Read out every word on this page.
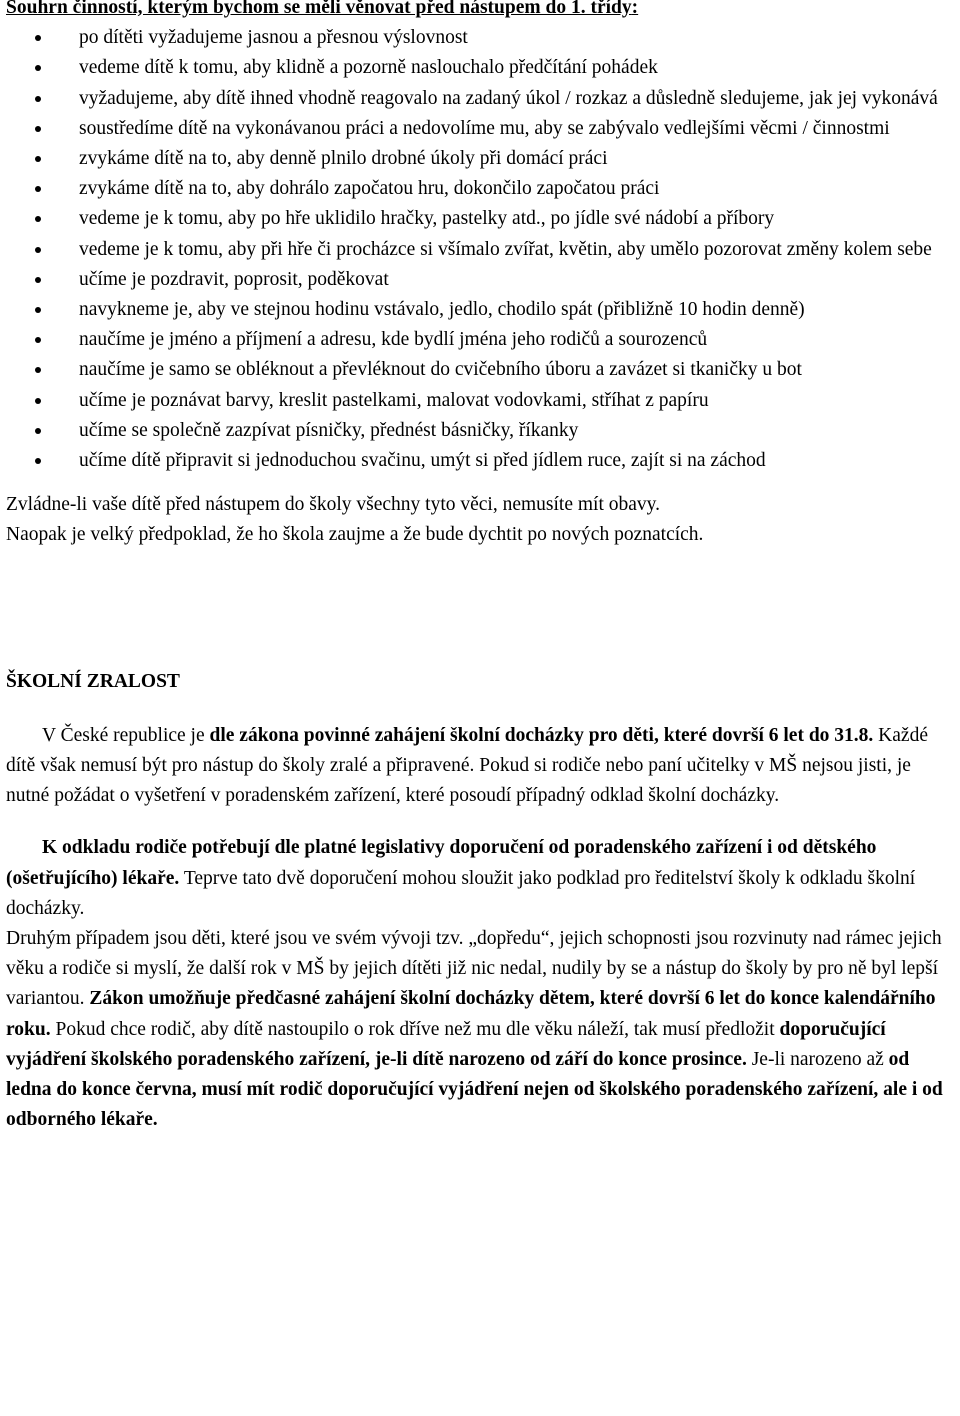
Souhrn činností, kterým bychom se měli věnovat před nástupem do 1. třídy:
po dítěti vyžadujeme jasnou a přesnou výslovnost
vedeme dítě k tomu, aby klidně a pozorně naslouchalo předčítání pohádek
vyžadujeme, aby dítě ihned vhodně reagovalo na zadaný úkol / rozkaz a důsledně sledujeme, jak jej vykonává
soustředíme dítě na vykonávanou práci a nedovolíme mu, aby se zabývalo vedlejšími věcmi / činnostmi
zvykáme dítě na to, aby denně plnilo drobné úkoly při domácí práci
zvykáme dítě na to, aby dohrálo započatou hru, dokončilo započatou práci
vedeme je k tomu, aby po hře uklidilo hračky, pastelky atd., po jídle své nádobí a příbory
vedeme je k tomu, aby při hře či procházce si všímalo zvířat, květin, aby umělo pozorovat změny kolem sebe
učíme je pozdravit, poprosit, poděkovat
navykneme je, aby ve stejnou hodinu vstávalo, jedlo, chodilo spát (přibližně 10 hodin denně)
naučíme je jméno a příjmení a adresu, kde bydlí jména jeho rodičů a sourozenců
naučíme je samo se obléknout a převléknout do cvičebního úboru a zavázet si tkaničky u bot
učíme je poznávat barvy, kreslit pastelkami, malovat vodovkami, stříhat z papíru
učíme se společně zazpívat písničky, přednést básničky, říkanky
učíme dítě připravit si jednoduchou svačinu, umýt si před jídlem ruce, zajít si na záchod

Zvládne-li vaše dítě před nástupem do školy všechny tyto věci, nemusíte mít obavy.

Naopak je velký předpoklad, že ho škola zaujme a že bude dychtit po nových poznatcích.

ŠKOLNÍ ZRALOST

V České republice je dle zákona povinné zahájení školní docházky pro děti, které dovrší 6 let do 31.8. Každé dítě však nemusí být pro nástup do školy zralé a připravené. Pokud si rodiče nebo paní učitelky v MŠ nejsou jisti, je nutné požádat o vyšetření v poradenském zařízení, které posoudí případný odklad školní docházky.

K odkladu rodiče potřebují dle platné legislativy doporučení od poradenského zařízení i od dětského (ošetřujícího) lékaře. Teprve tato dvě doporučení mohou sloužit jako podklad pro ředitelství školy k odkladu školní docházky.

Druhým případem jsou děti, které jsou ve svém vývoji tzv. „dopředu“, jejich schopnosti jsou rozvinuty nad rámec jejich věku a rodiče si myslí, že další rok v MŠ by jejich dítěti již nic nedal, nudily by se a nástup do školy by pro ně byl lepší variantou. Zákon umožňuje předčasné zahájení školní docházky dětem, které dovrší 6 let do konce kalendářního roku. Pokud chce rodič, aby dítě nastoupilo o rok dříve než mu dle věku náleží, tak musí předložit doporučující vyjádření školského poradenského zařízení, je-li dítě narozeno od září do konce prosince. Je-li narozeno až od ledna do konce června, musí mít rodič doporučující vyjádření nejen od školského poradenského zařízení, ale i od odborného lékaře.
